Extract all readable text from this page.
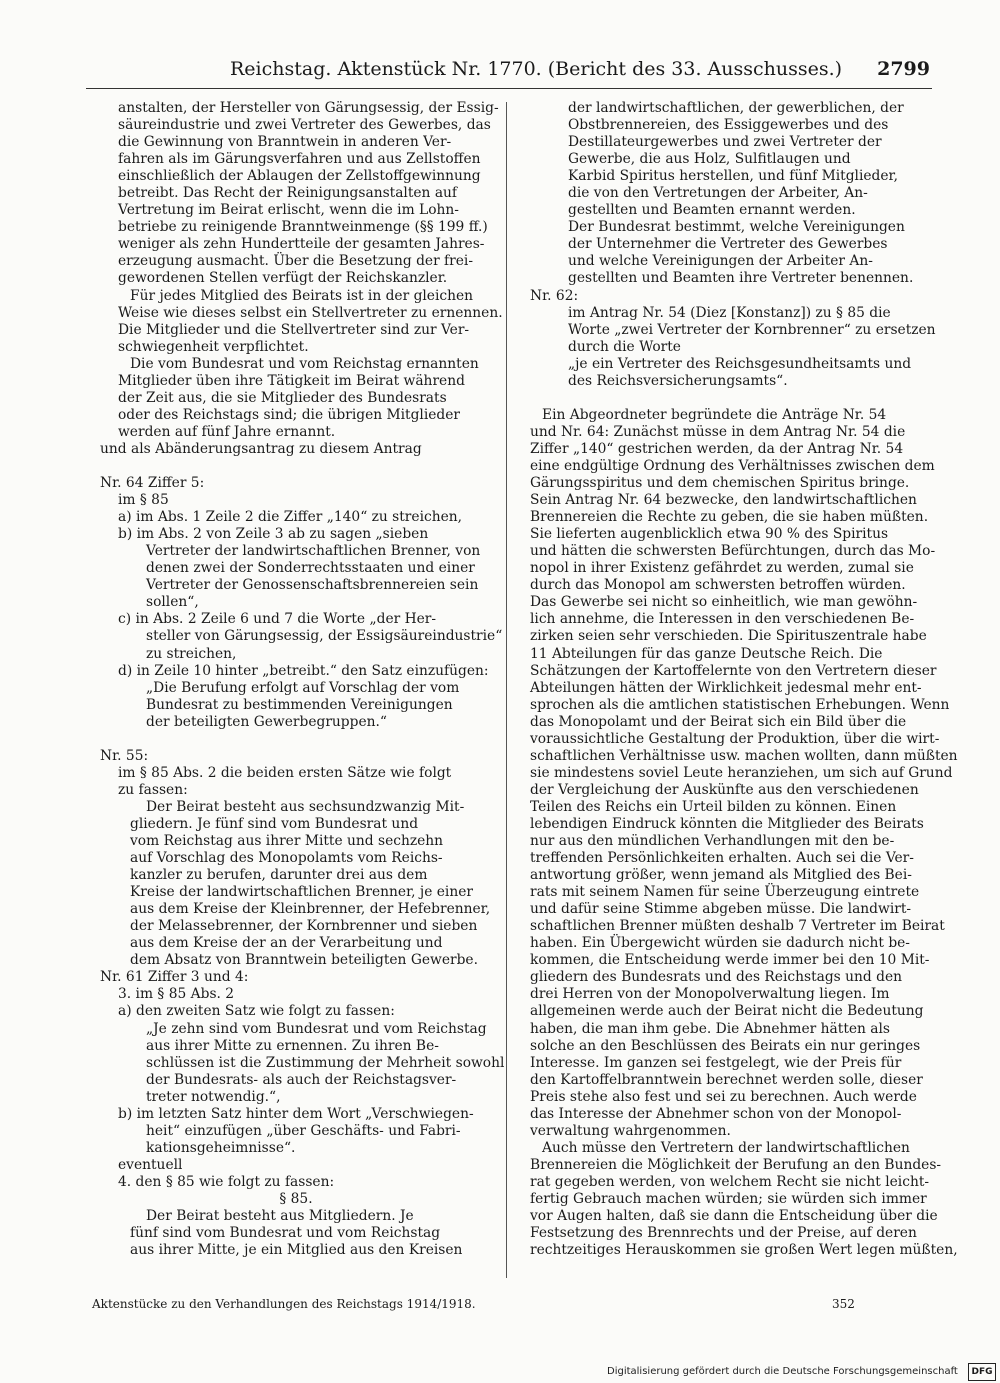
Reichstag. Aktenstück Nr. 1770. (Bericht des 33. Ausschusses.) 2799

anstalten, der Hersteller von Gärungsessig, der Essig-

säureindustrie und zwei Vertreter des Gewerbes, das

die Gewinnung von Branntwein in anderen Ver-

fahren als im Gärungsverfahren und aus Zellstoffen

einschließlich der Ablaugen der Zellstoffgewinnung

betreibt. Das Recht der Reinigungsanstalten auf

Vertretung im Beirat erlischt, wenn die im Lohn-

betriebe zu reinigende Branntweinmenge (§§ 199 ff.)

weniger als zehn Hundertteile der gesamten Jahres-

erzeugung ausmacht. Über die Besetzung der frei-

gewordenen Stellen verfügt der Reichskanzler.

Für jedes Mitglied des Beirats ist in der gleichen

Weise wie dieses selbst ein Stellvertreter zu ernennen.

Die Mitglieder und die Stellvertreter sind zur Ver-

schwiegenheit verpflichtet.

Die vom Bundesrat und vom Reichstag ernannten

Mitglieder üben ihre Tätigkeit im Beirat während

der Zeit aus, die sie Mitglieder des Bundesrats

oder des Reichstags sind; die übrigen Mitglieder

werden auf fünf Jahre ernannt.

und als Abänderungsantrag zu diesem Antrag

Nr. 64 Ziffer 5:

im § 85

a) im Abs. 1 Zeile 2 die Ziffer „140“ zu streichen,

b) im Abs. 2 von Zeile 3 ab zu sagen „sieben

Vertreter der landwirtschaftlichen Brenner, von

denen zwei der Sonderrechtsstaaten und einer

Vertreter der Genossenschaftsbrennereien sein

sollen“,

c) in Abs. 2 Zeile 6 und 7 die Worte „der Her-

steller von Gärungsessig, der Essigsäureindustrie“

zu streichen,

d) in Zeile 10 hinter „betreibt.“ den Satz einzufügen:

„Die Berufung erfolgt auf Vorschlag der vom

Bundesrat zu bestimmenden Vereinigungen

der beteiligten Gewerbegruppen.“

Nr. 55:

im § 85 Abs. 2 die beiden ersten Sätze wie folgt

zu fassen:

Der Beirat besteht aus sechsundzwanzig Mit-

gliedern. Je fünf sind vom Bundesrat und

vom Reichstag aus ihrer Mitte und sechzehn

auf Vorschlag des Monopolamts vom Reichs-

kanzler zu berufen, darunter drei aus dem

Kreise der landwirtschaftlichen Brenner, je einer

aus dem Kreise der Kleinbrenner, der Hefebrenner,

der Melassebrenner, der Kornbrenner und sieben

aus dem Kreise der an der Verarbeitung und

dem Absatz von Branntwein beteiligten Gewerbe.

Nr. 61 Ziffer 3 und 4:

3. im § 85 Abs. 2

a) den zweiten Satz wie folgt zu fassen:

„Je zehn sind vom Bundesrat und vom Reichstag

aus ihrer Mitte zu ernennen. Zu ihren Be-

schlüssen ist die Zustimmung der Mehrheit sowohl

der Bundesrats- als auch der Reichstagsver-

treter notwendig.“,

b) im letzten Satz hinter dem Wort „Verschwiegen-

heit“ einzufügen „über Geschäfts- und Fabri-

kationsgeheimnisse“.

eventuell

4. den § 85 wie folgt zu fassen:

§ 85.

Der Beirat besteht aus Mitgliedern. Je

fünf sind vom Bundesrat und vom Reichstag

aus ihrer Mitte, je ein Mitglied aus den Kreisen

der landwirtschaftlichen, der gewerblichen, der

Obstbrennereien, des Essiggewerbes und des

Destillateurgewerbes und zwei Vertreter der

Gewerbe, die aus Holz, Sulfitlaugen und

Karbid Spiritus herstellen, und fünf Mitglieder,

die von den Vertretungen der Arbeiter, An-

gestellten und Beamten ernannt werden.

Der Bundesrat bestimmt, welche Vereinigungen

der Unternehmer die Vertreter des Gewerbes

und welche Vereinigungen der Arbeiter An-

gestellten und Beamten ihre Vertreter benennen.

Nr. 62:

im Antrag Nr. 54 (Diez [Konstanz]) zu § 85 die

Worte „zwei Vertreter der Kornbrenner“ zu ersetzen

durch die Worte

„je ein Vertreter des Reichsgesundheitsamts und

des Reichsversicherungsamts“.

Ein Abgeordneter begründete die Anträge Nr. 54

und Nr. 64: Zunächst müsse in dem Antrag Nr. 54 die

Ziffer „140“ gestrichen werden, da der Antrag Nr. 54

eine endgültige Ordnung des Verhältnisses zwischen dem

Gärungsspiritus und dem chemischen Spiritus bringe.

Sein Antrag Nr. 64 bezwecke, den landwirtschaftlichen

Brennereien die Rechte zu geben, die sie haben müßten.

Sie lieferten augenblicklich etwa 90 % des Spiritus

und hätten die schwersten Befürchtungen, durch das Mo-

nopol in ihrer Existenz gefährdet zu werden, zumal sie

durch das Monopol am schwersten betroffen würden.

Das Gewerbe sei nicht so einheitlich, wie man gewöhn-

lich annehme, die Interessen in den verschiedenen Be-

zirken seien sehr verschieden. Die Spirituszentrale habe

11 Abteilungen für das ganze Deutsche Reich. Die

Schätzungen der Kartoffelernte von den Vertretern dieser

Abteilungen hätten der Wirklichkeit jedesmal mehr ent-

sprochen als die amtlichen statistischen Erhebungen. Wenn

das Monopolamt und der Beirat sich ein Bild über die

voraussichtliche Gestaltung der Produktion, über die wirt-

schaftlichen Verhältnisse usw. machen wollten, dann müßten

sie mindestens soviel Leute heranziehen, um sich auf Grund

der Vergleichung der Auskünfte aus den verschiedenen

Teilen des Reichs ein Urteil bilden zu können. Einen

lebendigen Eindruck könnten die Mitglieder des Beirats

nur aus den mündlichen Verhandlungen mit den be-

treffenden Persönlichkeiten erhalten. Auch sei die Ver-

antwortung größer, wenn jemand als Mitglied des Bei-

rats mit seinem Namen für seine Überzeugung eintrete

und dafür seine Stimme abgeben müsse. Die landwirt-

schaftlichen Brenner müßten deshalb 7 Vertreter im Beirat

haben. Ein Übergewicht würden sie dadurch nicht be-

kommen, die Entscheidung werde immer bei den 10 Mit-

gliedern des Bundesrats und des Reichstags und den

drei Herren von der Monopolverwaltung liegen. Im

allgemeinen werde auch der Beirat nicht die Bedeutung

haben, die man ihm gebe. Die Abnehmer hätten als

solche an den Beschlüssen des Beirats ein nur geringes

Interesse. Im ganzen sei festgelegt, wie der Preis für

den Kartoffelbranntwein berechnet werden solle, dieser

Preis stehe also fest und sei zu berechnen. Auch werde

das Interesse der Abnehmer schon von der Monopol-

verwaltung wahrgenommen.

Auch müsse den Vertretern der landwirtschaftlichen

Brennereien die Möglichkeit der Berufung an den Bundes-

rat gegeben werden, von welchem Recht sie nicht leicht-

fertig Gebrauch machen würden; sie würden sich immer

vor Augen halten, daß sie dann die Entscheidung über die

Festsetzung des Brennrechts und der Preise, auf deren

rechtzeitiges Herauskommen sie großen Wert legen müßten,

Aktenstücke zu den Verhandlungen des Reichstags 1914/1918.	352
Digitalisierung gefördert durch die Deutsche Forschungsgemeinschaft	DFG
